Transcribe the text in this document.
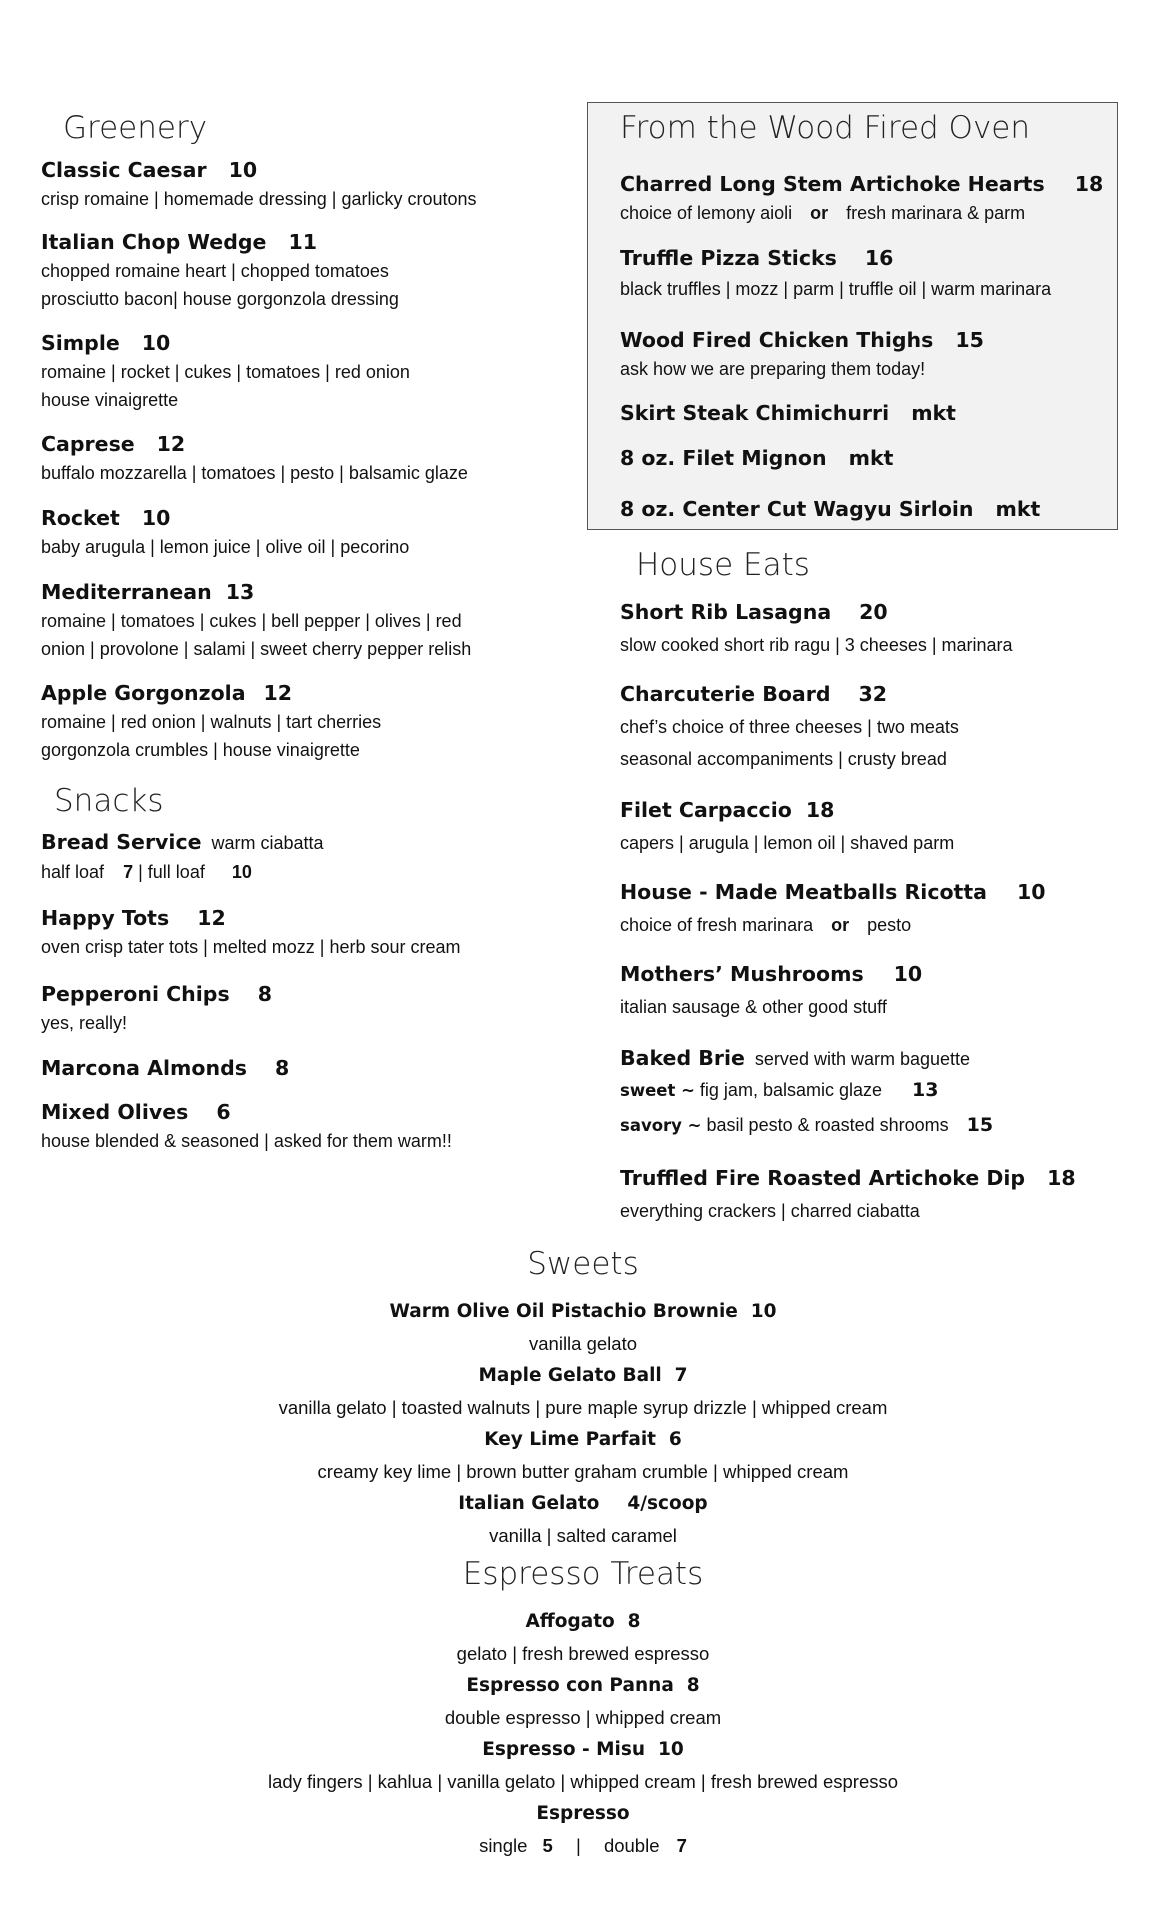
Greenery
Classic Caesar 10
crisp romaine | homemade dressing | garlicky croutons
Italian Chop Wedge 11
chopped romaine heart | chopped tomatoes
prosciutto bacon| house gorgonzola dressing
Simple 10
romaine | rocket | cukes | tomatoes | red onion
house vinaigrette
Caprese 12
buffalo mozzarella | tomatoes | pesto | balsamic glaze
Rocket 10
baby arugula | lemon juice | olive oil | pecorino
Mediterranean 13
romaine | tomatoes | cukes | bell pepper | olives | red
onion | provolone | salami | sweet cherry pepper relish
Apple Gorgonzola 12
romaine | red onion | walnuts | tart cherries
gorgonzola crumbles | house vinaigrette
Snacks
Bread Service warm ciabatta
half loaf 7 | full loaf 10
Happy Tots 12
oven crisp tater tots | melted mozz | herb sour cream
Pepperoni Chips 8
yes, really!
Marcona Almonds 8
Mixed Olives 6
house blended & seasoned | asked for them warm!!
From the Wood Fired Oven
Charred Long Stem Artichoke Hearts 18
choice of lemony aioli or fresh marinara & parm
Truffle Pizza Sticks 16
black truffles | mozz | parm | truffle oil | warm marinara
Wood Fired Chicken Thighs 15
ask how we are preparing them today!
Skirt Steak Chimichurri mkt
8 oz. Filet Mignon mkt
8 oz. Center Cut Wagyu Sirloin mkt
House Eats
Short Rib Lasagna 20
slow cooked short rib ragu | 3 cheeses | marinara
Charcuterie Board 32
chef’s choice of three cheeses | two meats
seasonal accompaniments | crusty bread
Filet Carpaccio 18
capers | arugula | lemon oil | shaved parm
House - Made Meatballs Ricotta 10
choice of fresh marinara or pesto
Mothers’ Mushrooms 10
italian sausage & other good stuff
Baked Brie served with warm baguette
sweet ~ fig jam, balsamic glaze 13
savory ~ basil pesto & roasted shrooms 15
Truffled Fire Roasted Artichoke Dip 18
everything crackers | charred ciabatta
Sweets
Warm Olive Oil Pistachio Brownie 10
vanilla gelato
Maple Gelato Ball 7
vanilla gelato | toasted walnuts | pure maple syrup drizzle | whipped cream
Key Lime Parfait 6
creamy key lime | brown butter graham crumble | whipped cream
Italian Gelato 4/scoop
vanilla | salted caramel
Espresso Treats
Affogato 8
gelato | fresh brewed espresso
Espresso con Panna 8
double espresso | whipped cream
Espresso - Misu 10
lady fingers | kahlua | vanilla gelato | whipped cream | fresh brewed espresso
Espresso
single 5 | double 7
